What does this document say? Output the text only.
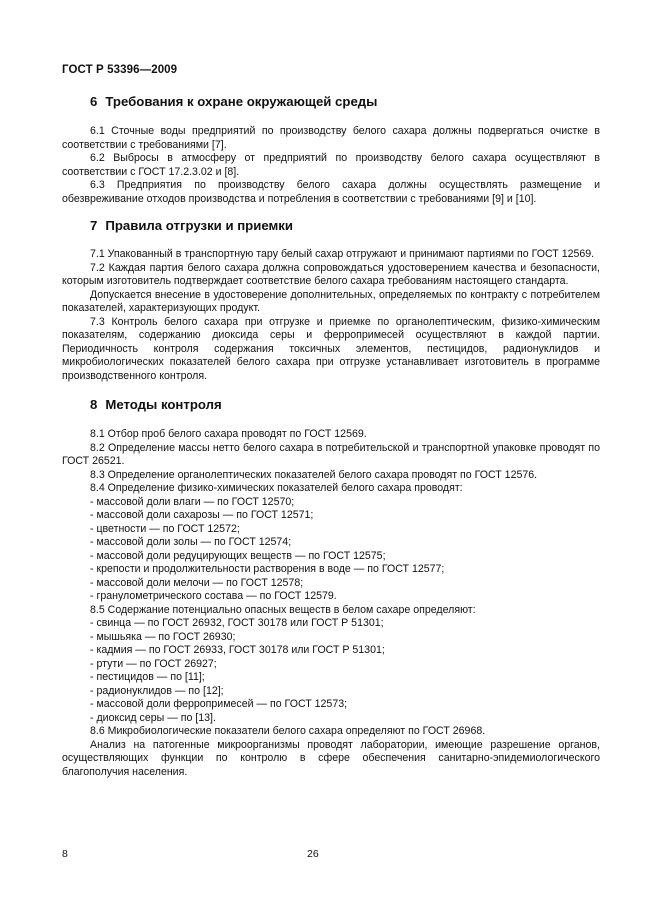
ГОСТ Р 53396—2009
6 Требования к охране окружающей среды

6.1 Сточные воды предприятий по производству белого сахара должны подвергаться очистке в соответствии с требованиями [7].

6.2 Выбросы в атмосферу от предприятий по производству белого сахара осуществляют в соответствии с ГОСТ 17.2.3.02 и [8].

6.3 Предприятия по производству белого сахара должны осуществлять размещение и обезвреживание отходов производства и потребления в соответствии с требованиями [9] и [10].

7 Правила отгрузки и приемки

7.1 Упакованный в транспортную тару белый сахар отгружают и принимают партиями по ГОСТ 12569.

7.2 Каждая партия белого сахара должна сопровождаться удостоверением качества и безопасности, которым изготовитель подтверждает соответствие белого сахара требованиям настоящего стандарта.

Допускается внесение в удостоверение дополнительных, определяемых по контракту с потребителем показателей, характеризующих продукт.

7.3 Контроль белого сахара при отгрузке и приемке по органолептическим, физико-химическим показателям, содержанию диоксида серы и ферропримесей осуществляют в каждой партии. Периодичность контроля содержания токсичных элементов, пестицидов, радионуклидов и микробиологических показателей белого сахара при отгрузке устанавливает изготовитель в программе производственного контроля.

8 Методы контроля

8.1 Отбор проб белого сахара проводят по ГОСТ 12569.

8.2 Определение массы нетто белого сахара в потребительской и транспортной упаковке проводят по ГОСТ 26521.

8.3 Определение органолептических показателей белого сахара проводят по ГОСТ 12576.

8.4 Определение физико-химических показателей белого сахара проводят:

- массовой доли влаги — по ГОСТ 12570;

- массовой доли сахарозы — по ГОСТ 12571;

- цветности — по ГОСТ 12572;

- массовой доли золы — по ГОСТ 12574;

- массовой доли редуцирующих веществ — по ГОСТ 12575;

- крепости и продолжительности растворения в воде — по ГОСТ 12577;

- массовой доли мелочи — по ГОСТ 12578;

- гранулометрического состава — по ГОСТ 12579.

8.5 Содержание потенциально опасных веществ в белом сахаре определяют:

- свинца — по ГОСТ 26932, ГОСТ 30178 или ГОСТ Р 51301;

- мышьяка — по ГОСТ 26930;

- кадмия — по ГОСТ 26933, ГОСТ 30178 или ГОСТ Р 51301;

- ртути — по ГОСТ 26927;

- пестицидов — по [11];

- радионуклидов — по [12];

- массовой доли ферропримесей — по ГОСТ 12573;

- диоксид серы — по [13].

8.6 Микробиологические показатели белого сахара определяют по ГОСТ 26968.

Анализ на патогенные микроорганизмы проводят лаборатории, имеющие разрешение органов, осуществляющих функции по контролю в сфере обеспечения санитарно-эпидемиологического благополучия населения.

8	26
